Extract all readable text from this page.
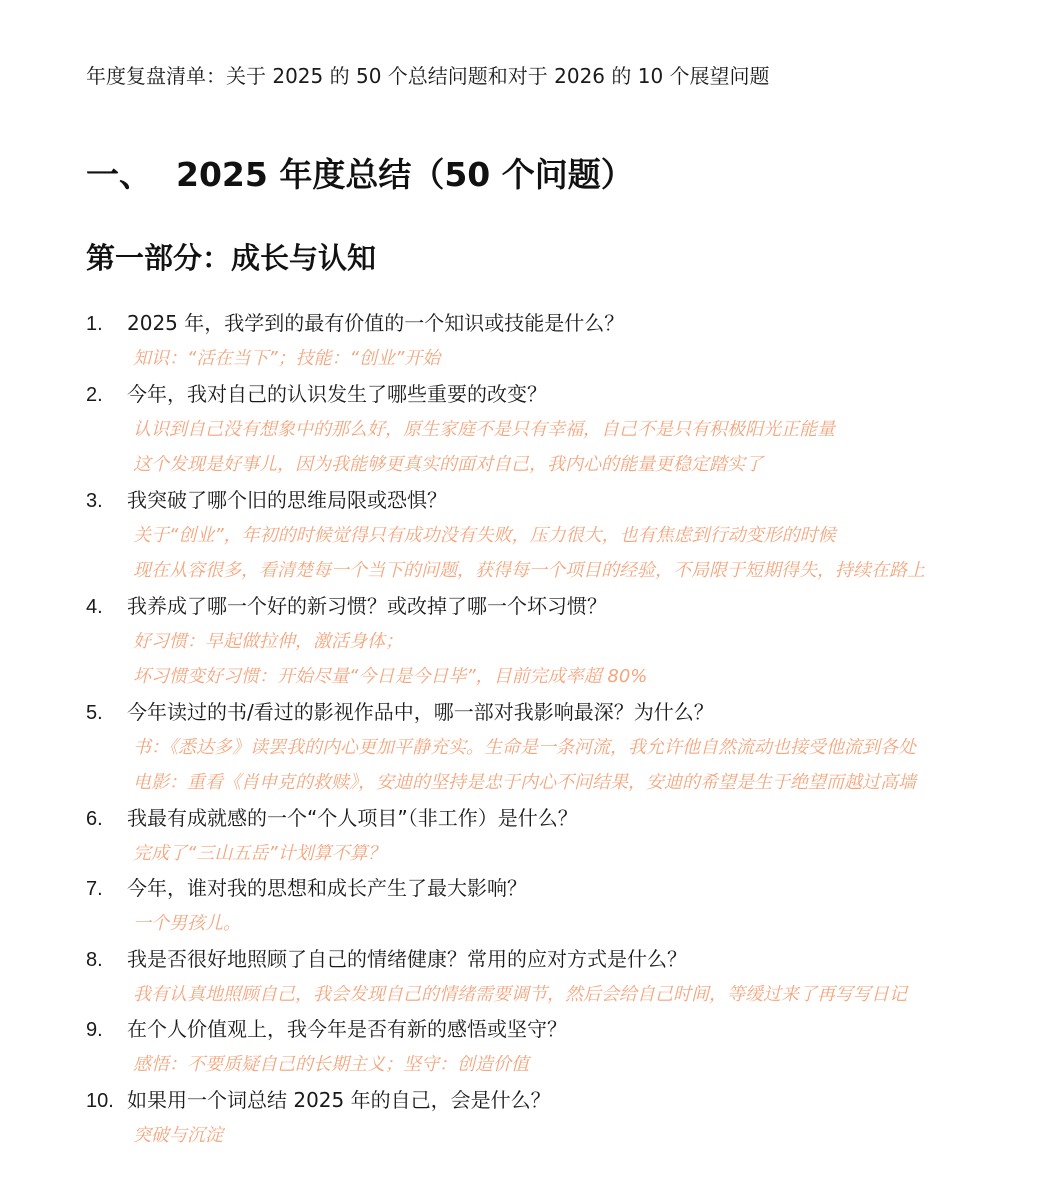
年度复盘清单：关于 2025 的 50 个总结问题和对于 2026 的 10 个展望问题
一、 2025 年度总结（50 个问题）
第一部分：成长与认知
1.	2025 年，我学到的最有价值的一个知识或技能是什么？
知识：“活在当下”；技能：“创业”开始
2.	今年，我对自己的认识发生了哪些重要的改变？
认识到自己没有想象中的那么好，原生家庭不是只有幸福，自己不是只有积极阳光正能量
这个发现是好事儿，因为我能够更真实的面对自己，我内心的能量更稳定踏实了
3.	我突破了哪个旧的思维局限或恐惧？
关于“创业”，年初的时候觉得只有成功没有失败，压力很大，也有焦虑到行动变形的时候
现在从容很多，看清楚每一个当下的问题，获得每一个项目的经验，不局限于短期得失，持续在路上
4.	我养成了哪一个好的新习惯？或改掉了哪一个坏习惯？
好习惯：早起做拉伸，激活身体；
坏习惯变好习惯：开始尽量“今日是今日毕”，目前完成率超 80%
5.	今年读过的书/看过的影视作品中，哪一部对我影响最深？为什么？
书：《悉达多》读罢我的内心更加平静充实。生命是一条河流，我允许他自然流动也接受他流到各处
电影：重看《肖申克的救赎》，安迪的坚持是忠于内心不问结果，安迪的希望是生于绝望而越过高墙
6.	我最有成就感的一个“个人项目”（非工作）是什么？
完成了“三山五岳”计划算不算？
7.	今年，谁对我的思想和成长产生了最大影响？
一个男孩儿。
8.	我是否很好地照顾了自己的情绪健康？常用的应对方式是什么？
我有认真地照顾自己，我会发现自己的情绪需要调节，然后会给自己时间，等缓过来了再写写日记
9.	在个人价值观上，我今年是否有新的感悟或坚守？
感悟：不要质疑自己的长期主义；坚守：创造价值
10. 如果用一个词总结 2025 年的自己，会是什么？
突破与沉淀
